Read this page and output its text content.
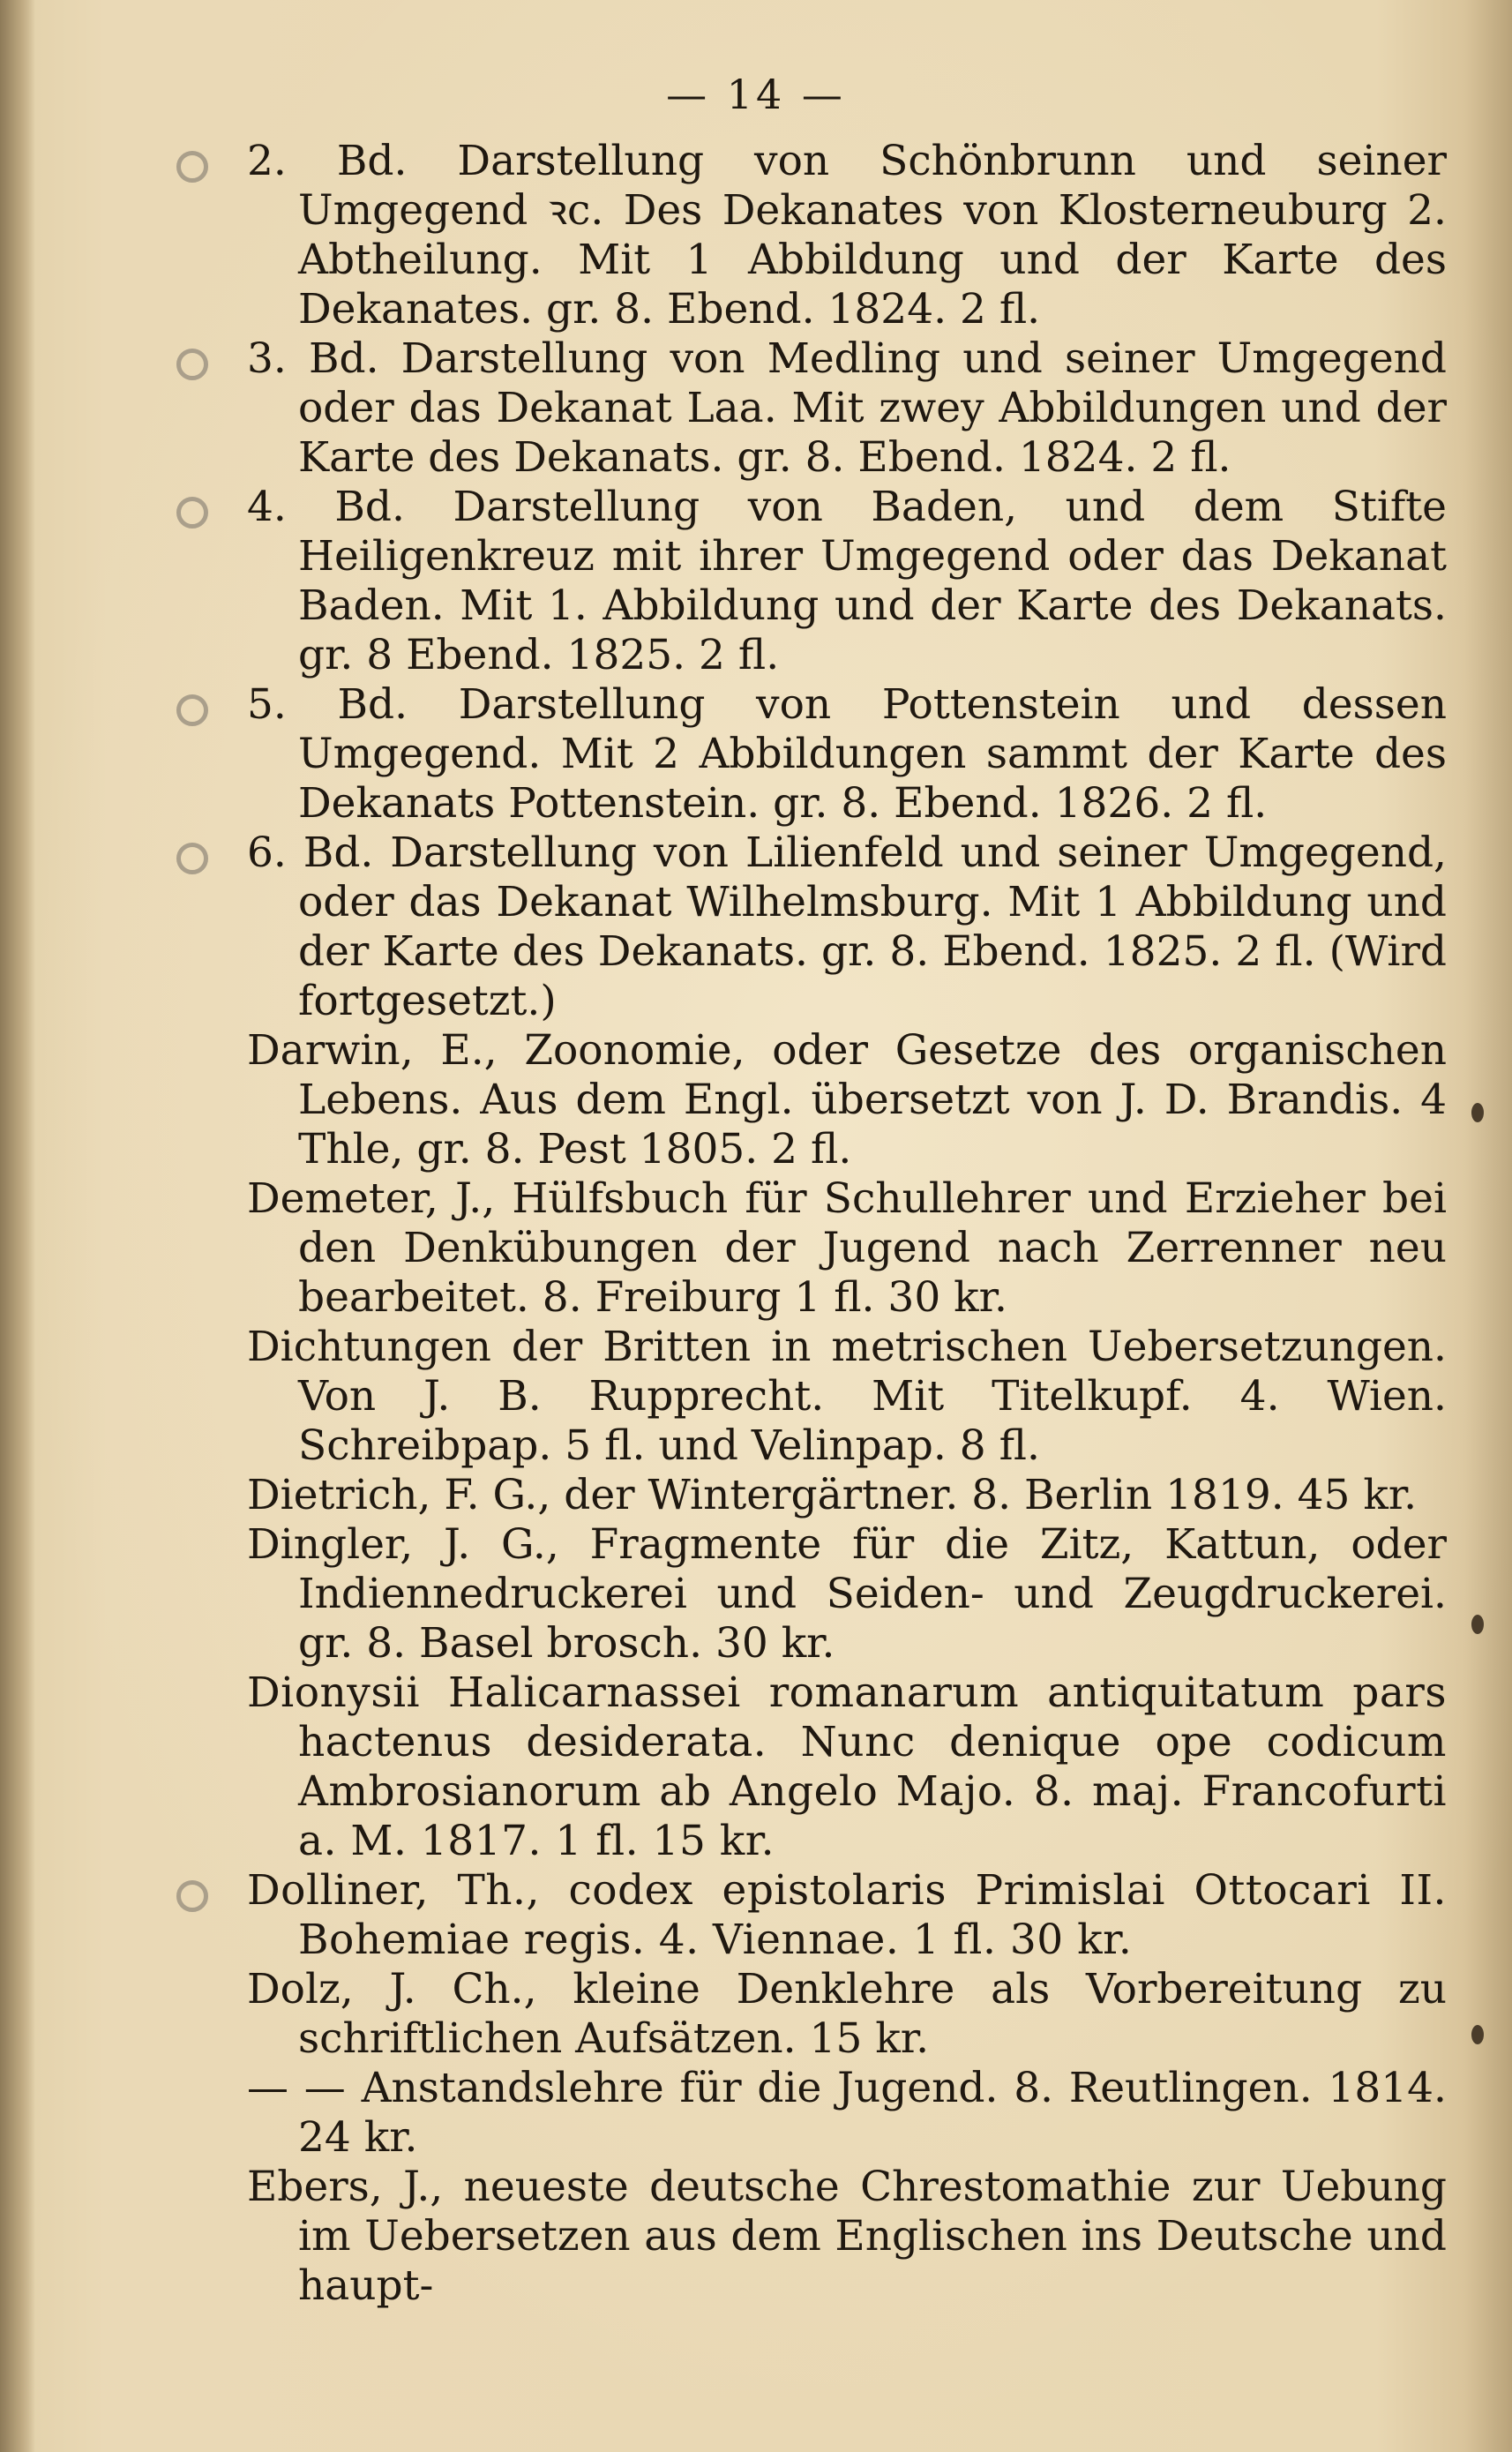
— 14 —

2. Bd. Darstellung von Schönbrunn und seiner Umgegend ꝛc. Des Dekanates von Klosterneuburg 2. Abtheilung. Mit 1 Abbildung und der Karte des Dekanates. gr. 8. Ebend. 1824. 2 fl.

3. Bd. Darstellung von Medling und seiner Umgegend oder das Dekanat Laa. Mit zwey Abbildungen und der Karte des Dekanats. gr. 8. Ebend. 1824. 2 fl.

4. Bd. Darstellung von Baden, und dem Stifte Heiligenkreuz mit ihrer Umgegend oder das Dekanat Baden. Mit 1. Abbildung und der Karte des Dekanats. gr. 8 Ebend. 1825. 2 fl.

5. Bd. Darstellung von Pottenstein und dessen Umgegend. Mit 2 Abbildungen sammt der Karte des Dekanats Pottenstein. gr. 8. Ebend. 1826. 2 fl.

6. Bd. Darstellung von Lilienfeld und seiner Umgegend, oder das Dekanat Wilhelmsburg. Mit 1 Abbildung und der Karte des Dekanats. gr. 8. Ebend. 1825. 2 fl. (Wird fortgesetzt.)

Darwin, E., Zoonomie, oder Gesetze des organischen Lebens. Aus dem Engl. übersetzt von J. D. Brandis. 4 Thle, gr. 8. Pest 1805. 2 fl.

Demeter, J., Hülfsbuch für Schullehrer und Erzieher bei den Denkübungen der Jugend nach Zerrenner neu bearbeitet. 8. Freiburg 1 fl. 30 kr.

Dichtungen der Britten in metrischen Uebersetzungen. Von J. B. Rupprecht. Mit Titelkupf. 4. Wien. Schreibpap. 5 fl. und Velinpap. 8 fl.

Dietrich, F. G., der Wintergärtner. 8. Berlin 1819. 45 kr.

Dingler, J. G., Fragmente für die Zitz, Kattun, oder Indiennedruckerei und Seiden- und Zeugdruckerei. gr. 8. Basel brosch. 30 kr.

Dionysii Halicarnassei romanarum antiquitatum pars hactenus desiderata. Nunc denique ope codicum Ambrosianorum ab Angelo Majo. 8. maj. Francofurti a. M. 1817. 1 fl. 15 kr.

Dolliner, Th., codex epistolaris Primislai Ottocari II. Bohemiae regis. 4. Viennae. 1 fl. 30 kr.

Dolz, J. Ch., kleine Denklehre als Vorbereitung zu schriftlichen Aufsätzen. 15 kr.

— — Anstandslehre für die Jugend. 8. Reutlingen. 1814. 24 kr.

Ebers, J., neueste deutsche Chrestomathie zur Uebung im Uebersetzen aus dem Englischen ins Deutsche und haupt-
